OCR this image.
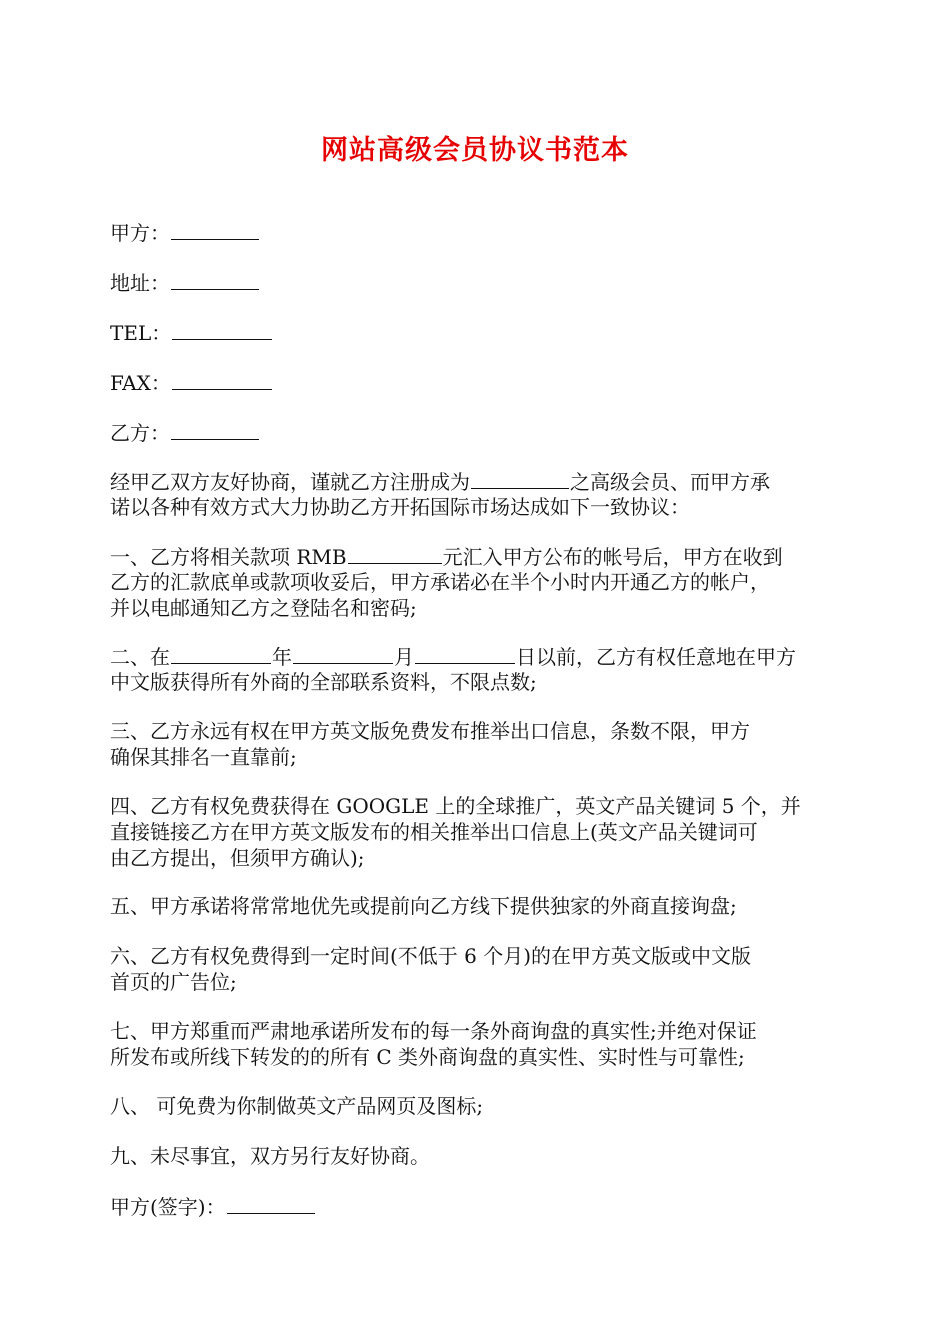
网站高级会员协议书范本
甲方：
地址：
TEL：
FAX：
乙方：
经甲乙双方友好协商，谨就乙方注册成为	之高级会员、而甲方承
诺以各种有效方式大力协助乙方开拓国际市场达成如下一致协议：
一、乙方将相关款项 RMB	元汇入甲方公布的帐号后，甲方在收到
乙方的汇款底单或款项收妥后，甲方承诺必在半个小时内开通乙方的帐户，
并以电邮通知乙方之登陆名和密码;
二、在	年	月	日以前，乙方有权任意地在甲方
中文版获得所有外商的全部联系资料，不限点数;
三、乙方永远有权在甲方英文版免费发布推举出口信息，条数不限，甲方
确保其排名一直靠前;
四、乙方有权免费获得在 GOOGLE 上的全球推广，英文产品关键词 5 个，并
直接链接乙方在甲方英文版发布的相关推举出口信息上(英文产品关键词可
由乙方提出，但须甲方确认);
五、甲方承诺将常常地优先或提前向乙方线下提供独家的外商直接询盘;
六、乙方有权免费得到一定时间(不低于 6 个月)的在甲方英文版或中文版
首页的广告位;
七、甲方郑重而严肃地承诺所发布的每一条外商询盘的真实性;并绝对保证
所发布或所线下转发的的所有 C 类外商询盘的真实性、实时性与可靠性;
八、 可免费为你制做英文产品网页及图标;
九、未尽事宜，双方另行友好协商。
甲方(签字)：
